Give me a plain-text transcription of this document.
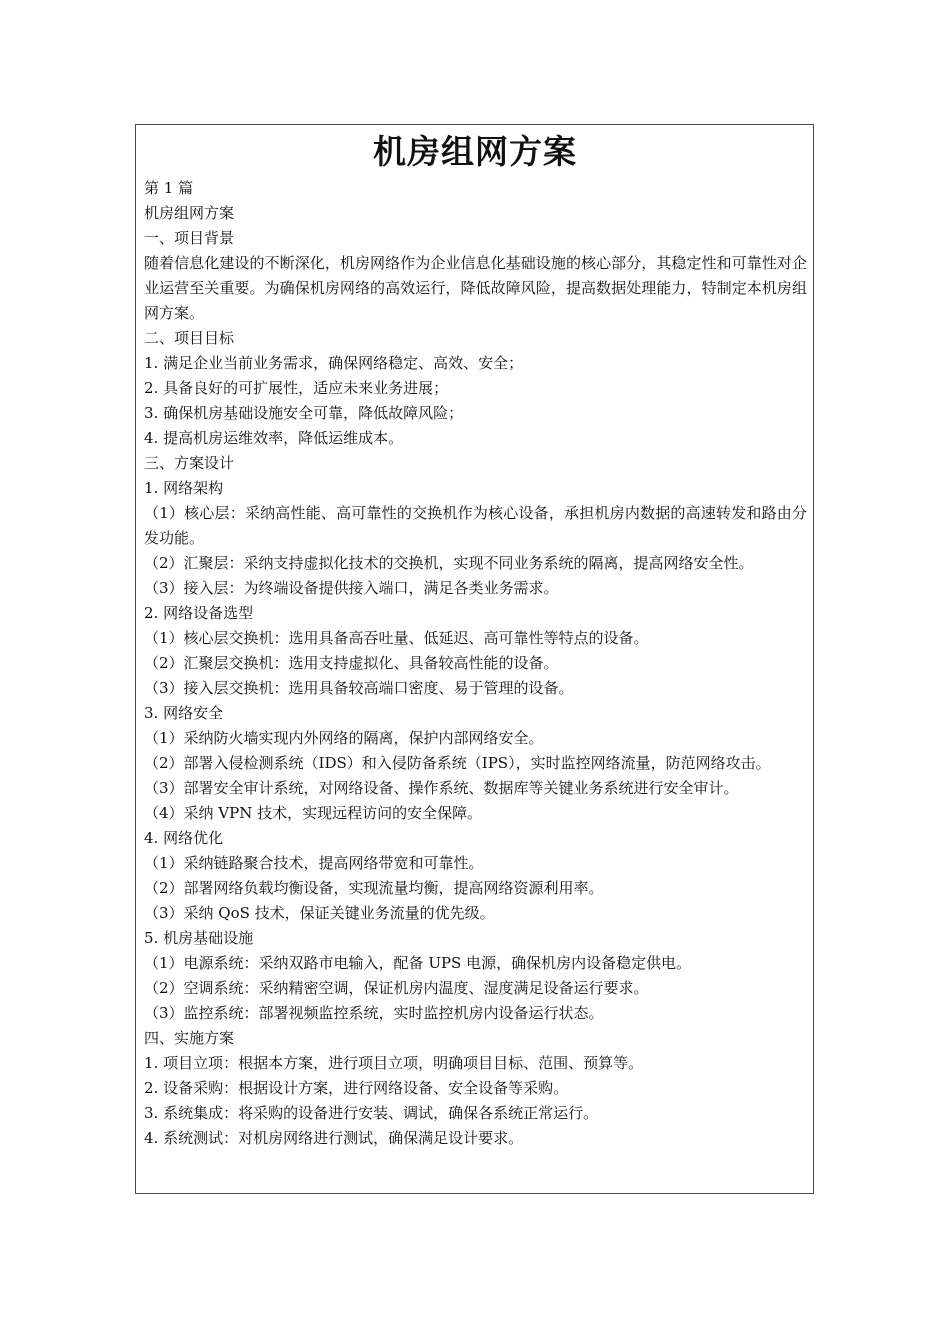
机房组网方案
第 1 篇
机房组网方案
一、项目背景

随着信息化建设的不断深化，机房网络作为企业信息化基础设施的核心部分，其稳定性和可靠性对企业运营至关重要。为确保机房网络的高效运行，降低故障风险，提高数据处理能力，特制定本机房组网方案。

二、项目目标
1. 满足企业当前业务需求，确保网络稳定、高效、安全；
2. 具备良好的可扩展性，适应未来业务进展；
3. 确保机房基础设施安全可靠，降低故障风险；
4. 提高机房运维效率，降低运维成本。
三、方案设计
1. 网络架构

（1）核心层：采纳高性能、高可靠性的交换机作为核心设备，承担机房内数据的高速转发和路由分发功能。

（2）汇聚层：采纳支持虚拟化技术的交换机，实现不同业务系统的隔离，提高网络安全性。

（3）接入层：为终端设备提供接入端口，满足各类业务需求。
2. 网络设备选型
（1）核心层交换机：选用具备高吞吐量、低延迟、高可靠性等特点的设备。
（2）汇聚层交换机：选用支持虚拟化、具备较高性能的设备。
（3）接入层交换机：选用具备较高端口密度、易于管理的设备。
3. 网络安全
（1）采纳防火墙实现内外网络的隔离，保护内部网络安全。

（2）部署入侵检测系统（IDS）和入侵防备系统（IPS），实时监控网络流量，防范网络攻击。

（3）部署安全审计系统，对网络设备、操作系统、数据库等关键业务系统进行安全审计。
（4）采纳 VPN 技术，实现远程访问的安全保障。
4. 网络优化
（1）采纳链路聚合技术，提高网络带宽和可靠性。
（2）部署网络负载均衡设备，实现流量均衡，提高网络资源利用率。
（3）采纳 QoS 技术，保证关键业务流量的优先级。
5. 机房基础设施
（1）电源系统：采纳双路市电输入，配备 UPS 电源，确保机房内设备稳定供电。
（2）空调系统：采纳精密空调，保证机房内温度、湿度满足设备运行要求。
（3）监控系统：部署视频监控系统，实时监控机房内设备运行状态。
四、实施方案
1. 项目立项：根据本方案，进行项目立项，明确项目目标、范围、预算等。
2. 设备采购：根据设计方案，进行网络设备、安全设备等采购。
3. 系统集成：将采购的设备进行安装、调试，确保各系统正常运行。
4. 系统测试：对机房网络进行测试，确保满足设计要求。
